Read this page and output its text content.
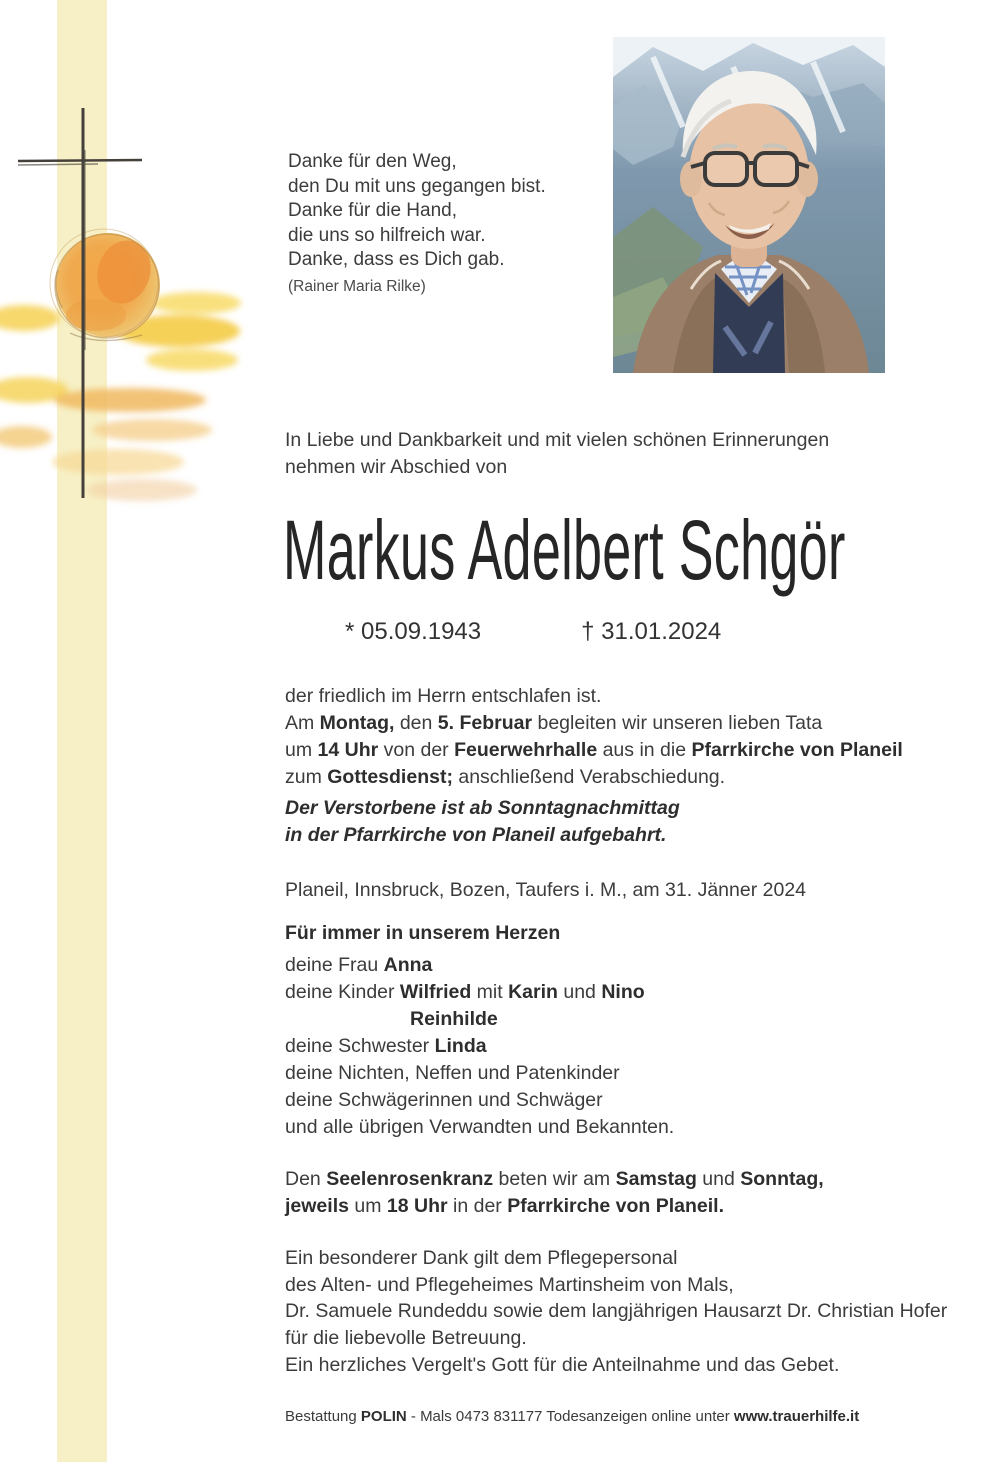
Danke für den Weg,
den Du mit uns gegangen bist.
Danke für die Hand,
die uns so hilfreich war.
Danke, dass es Dich gab.
(Rainer Maria Rilke)
In Liebe und Dankbarkeit und mit vielen schönen Erinnerungen
nehmen wir Abschied von
Markus Adelbert Schgör
* 05.09.1943	† 31.01.2024
der friedlich im Herrn entschlafen ist.
Am Montag, den 5. Februar begleiten wir unseren lieben Tata
um 14 Uhr von der Feuerwehrhalle aus in die Pfarrkirche von Planeil
zum Gottesdienst; anschließend Verabschiedung.
Der Verstorbene ist ab Sonntagnachmittag
in der Pfarrkirche von Planeil aufgebahrt.
Planeil, Innsbruck, Bozen, Taufers i. M., am 31. Jänner 2024
Für immer in unserem Herzen
deine Frau Anna
deine Kinder Wilfried mit Karin und Nino
Reinhilde
deine Schwester Linda
deine Nichten, Neffen und Patenkinder
deine Schwägerinnen und Schwäger
und alle übrigen Verwandten und Bekannten.
Den Seelenrosenkranz beten wir am Samstag und Sonntag,
jeweils um 18 Uhr in der Pfarrkirche von Planeil.
Ein besonderer Dank gilt dem Pflegepersonal
des Alten- und Pflegeheimes Martinsheim von Mals,
Dr. Samuele Rundeddu sowie dem langjährigen Hausarzt Dr. Christian Hofer
für die liebevolle Betreuung.
Ein herzliches Vergelt's Gott für die Anteilnahme und das Gebet.
Bestattung POLIN - Mals 0473 831177 Todesanzeigen online unter www.trauerhilfe.it
